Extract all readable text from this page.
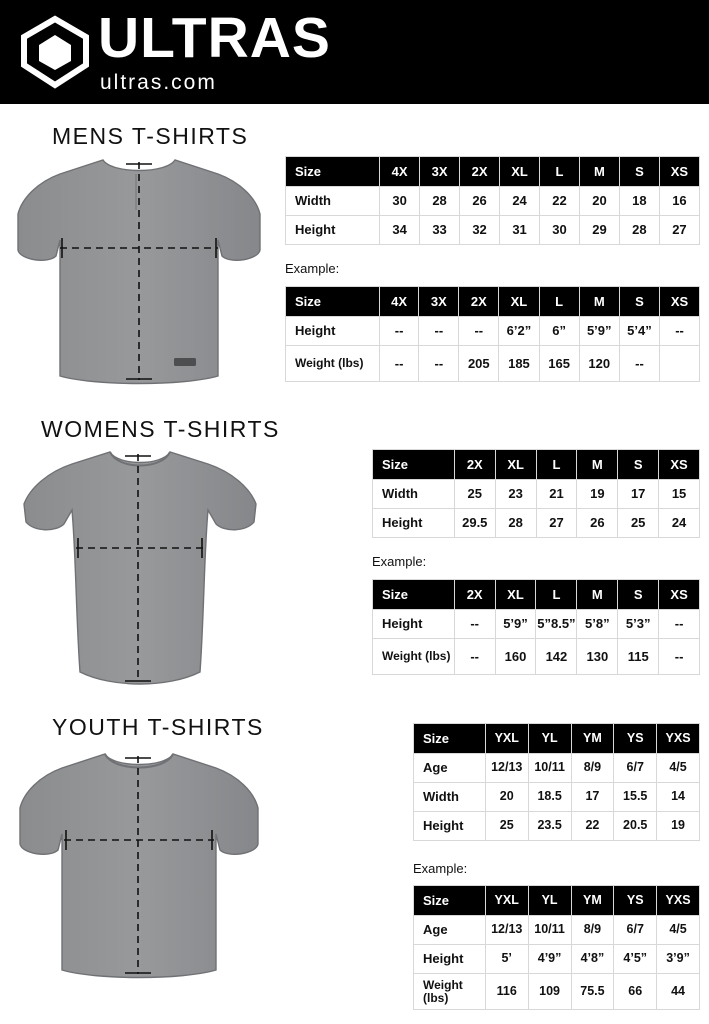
ULTRAS
ultras.com
MENS T-SHIRTS
Size	4X	3X	2X	XL	L	M	S	XS
Width	30	28	26	24	22	20	18	16
Height	34	33	32	31	30	29	28	27
Example:
Size	4X	3X	2X	XL	L	M	S	XS
Height	--	--	--	6’2”	6”	5’9”	5’4”	--
Weight (lbs)	--	--	205	185	165	120	--	
WOMENS T-SHIRTS
Size	2X	XL	L	M	S	XS
Width	25	23	21	19	17	15
Height	29.5	28	27	26	25	24
Example:
Size	2X	XL	L	M	S	XS
Height	--	5’9”	5”8.5”	5’8”	5’3”	--
Weight (lbs)	--	160	142	130	115	--
YOUTH T-SHIRTS	Size	YXL	YL	YM	YS	YXS
Age	12/13	10/11	8/9	6/7	4/5
Width	20	18.5	17	15.5	14
Height	25	23.5	22	20.5	19
Example:
Size	YXL	YL	YM	YS	YXS
Age	12/13	10/11	8/9	6/7	4/5
Height	5’	4’9”	4’8”	4’5”	3’9”
Weight (lbs)	116	109	75.5	66	44
